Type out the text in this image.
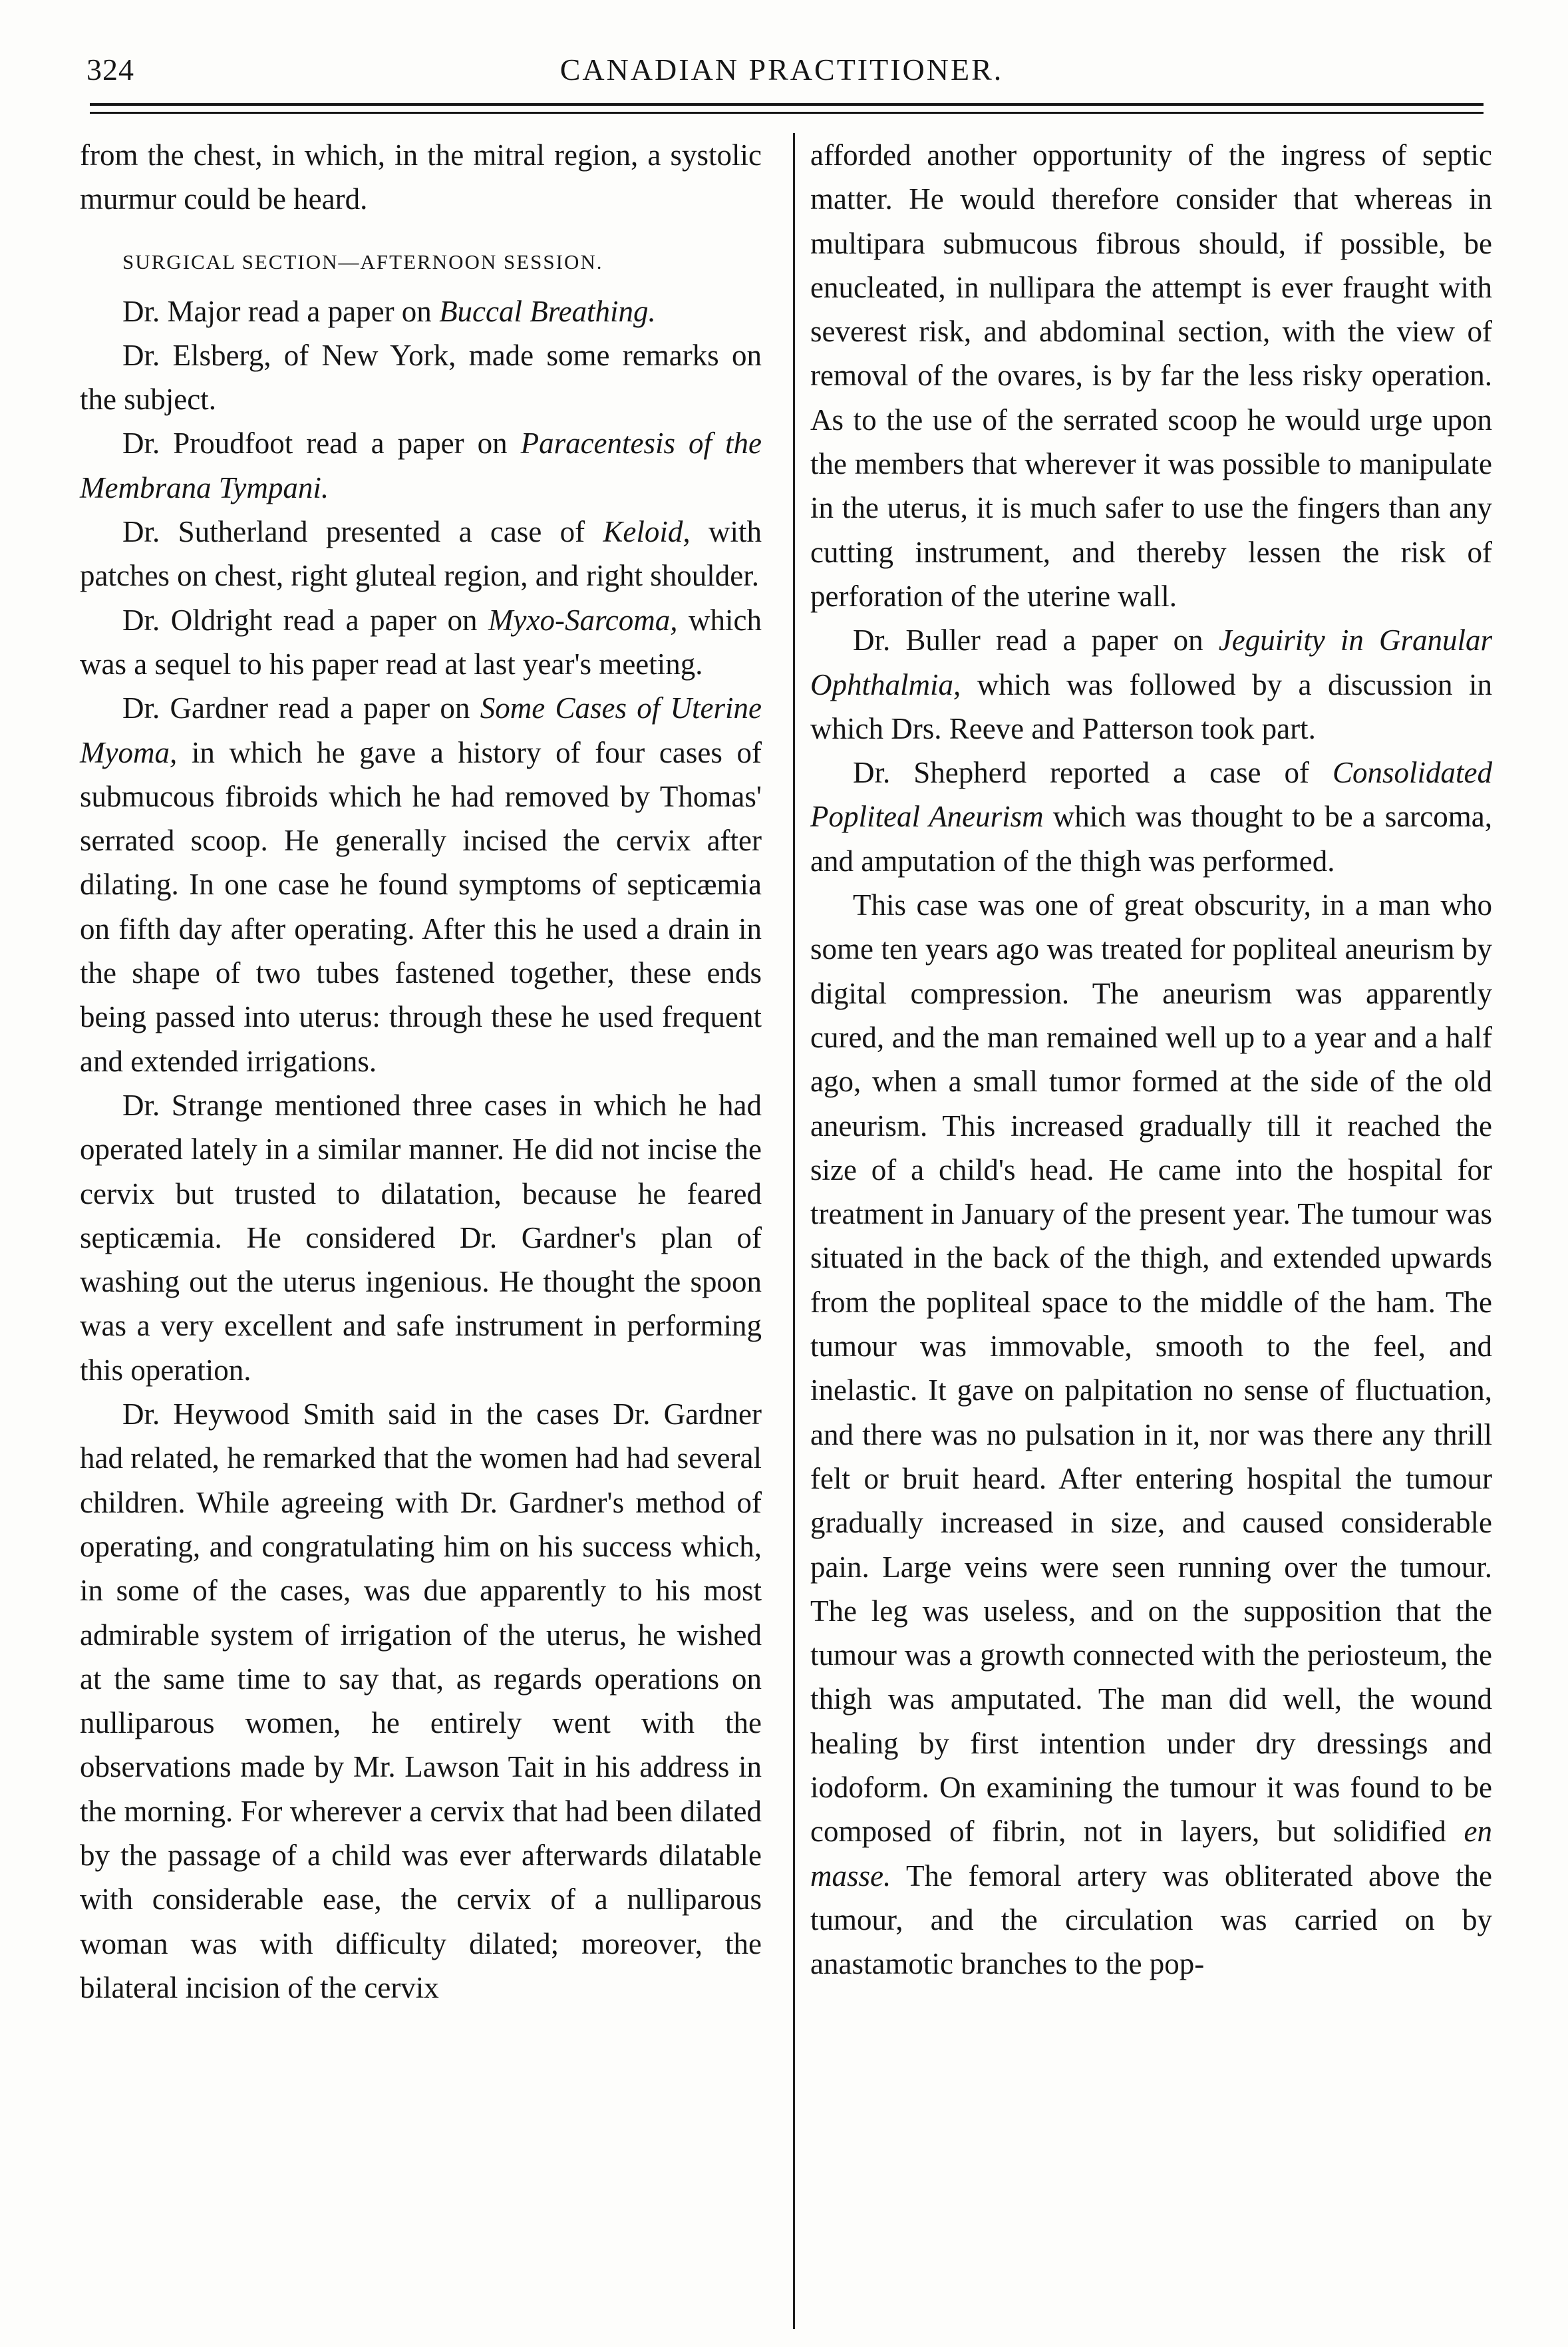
324	CANADIAN PRACTITIONER.

from the chest, in which, in the mitral region, a systolic murmur could be heard.

SURGICAL SECTION—AFTERNOON SESSION.

Dr. Major read a paper on Buccal Breathing.

Dr. Elsberg, of New York, made some remarks on the subject.

Dr. Proudfoot read a paper on Paracentesis of the Membrana Tympani.

Dr. Sutherland presented a case of Keloid, with patches on chest, right gluteal region, and right shoulder.

Dr. Oldright read a paper on Myxo-Sarcoma, which was a sequel to his paper read at last year's meeting.

Dr. Gardner read a paper on Some Cases of Uterine Myoma, in which he gave a history of four cases of submucous fibroids which he had removed by Thomas' serrated scoop. He generally incised the cervix after dilating. In one case he found symptoms of septicæmia on fifth day after operating. After this he used a drain in the shape of two tubes fastened together, these ends being passed into uterus: through these he used frequent and extended irrigations.

Dr. Strange mentioned three cases in which he had operated lately in a similar manner. He did not incise the cervix but trusted to dilatation, because he feared septicæmia. He considered Dr. Gardner's plan of washing out the uterus ingenious. He thought the spoon was a very excellent and safe instrument in performing this operation.

Dr. Heywood Smith said in the cases Dr. Gardner had related, he remarked that the women had had several children. While agreeing with Dr. Gardner's method of operating, and congratulating him on his success which, in some of the cases, was due apparently to his most admirable system of irrigation of the uterus, he wished at the same time to say that, as regards operations on nulliparous women, he entirely went with the observations made by Mr. Lawson Tait in his address in the morning. For wherever a cervix that had been dilated by the passage of a child was ever afterwards dilatable with considerable ease, the cervix of a nulliparous woman was with difficulty dilated; moreover, the bilateral incision of the cervix

afforded another opportunity of the ingress of septic matter. He would therefore consider that whereas in multipara submucous fibrous should, if possible, be enucleated, in nullipara the attempt is ever fraught with severest risk, and abdominal section, with the view of removal of the ovares, is by far the less risky operation. As to the use of the serrated scoop he would urge upon the members that wherever it was possible to manipulate in the uterus, it is much safer to use the fingers than any cutting instrument, and thereby lessen the risk of perforation of the uterine wall.

Dr. Buller read a paper on Jeguirity in Granular Ophthalmia, which was followed by a discussion in which Drs. Reeve and Patterson took part.

Dr. Shepherd reported a case of Consolidated Popliteal Aneurism which was thought to be a sarcoma, and amputation of the thigh was performed.

This case was one of great obscurity, in a man who some ten years ago was treated for popliteal aneurism by digital compression. The aneurism was apparently cured, and the man remained well up to a year and a half ago, when a small tumor formed at the side of the old aneurism. This increased gradually till it reached the size of a child's head. He came into the hospital for treatment in January of the present year. The tumour was situated in the back of the thigh, and extended upwards from the popliteal space to the middle of the ham. The tumour was immovable, smooth to the feel, and inelastic. It gave on palpitation no sense of fluctuation, and there was no pulsation in it, nor was there any thrill felt or bruit heard. After entering hospital the tumour gradually increased in size, and caused considerable pain. Large veins were seen running over the tumour. The leg was useless, and on the supposition that the tumour was a growth connected with the periosteum, the thigh was amputated. The man did well, the wound healing by first intention under dry dressings and iodoform. On examining the tumour it was found to be composed of fibrin, not in layers, but solidified en masse. The femoral artery was obliterated above the tumour, and the circulation was carried on by anastamotic branches to the pop-
